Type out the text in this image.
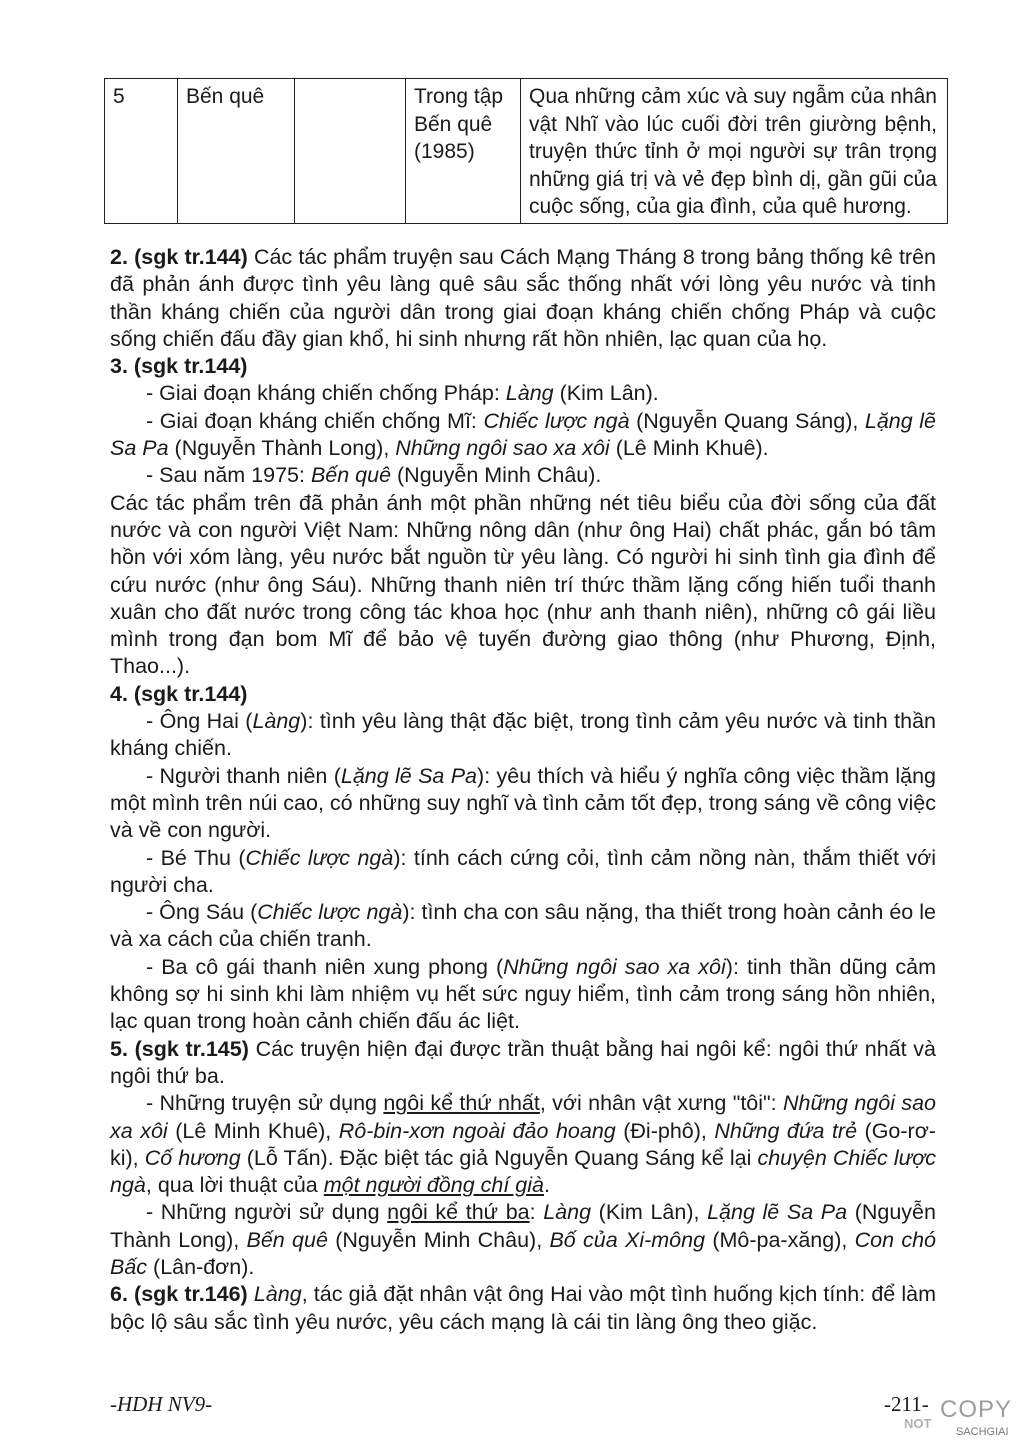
5	Bến quê		Trong tập Bến quê (1985)	Qua những cảm xúc và suy ngẫm của nhân vật Nhĩ vào lúc cuối đời trên giường bệnh, truyện thức tỉnh ở mọi người sự trân trọng những giá trị và vẻ đẹp bình dị, gần gũi của cuộc sống, của gia đình, của quê hương.

2. (sgk tr.144) Các tác phẩm truyện sau Cách Mạng Tháng 8 trong bảng thống kê trên đã phản ánh được tình yêu làng quê sâu sắc thống nhất với lòng yêu nước và tinh thần kháng chiến của người dân trong giai đoạn kháng chiến chống Pháp và cuộc sống chiến đấu đầy gian khổ, hi sinh nhưng rất hồn nhiên, lạc quan của họ.

3. (sgk tr.144)

- Giai đoạn kháng chiến chống Pháp: Làng (Kim Lân).

- Giai đoạn kháng chiến chống Mĩ: Chiếc lược ngà (Nguyễn Quang Sáng), Lặng lẽ Sa Pa (Nguyễn Thành Long), Những ngôi sao xa xôi (Lê Minh Khuê).

- Sau năm 1975: Bến quê (Nguyễn Minh Châu).

Các tác phẩm trên đã phản ánh một phần những nét tiêu biểu của đời sống của đất nước và con người Việt Nam: Những nông dân (như ông Hai) chất phác, gắn bó tâm hồn với xóm làng, yêu nước bắt nguồn từ yêu làng. Có người hi sinh tình gia đình để cứu nước (như ông Sáu). Những thanh niên trí thức thầm lặng cống hiến tuổi thanh xuân cho đất nước trong công tác khoa học (như anh thanh niên), những cô gái liều mình trong đạn bom Mĩ để bảo vệ tuyến đường giao thông (như Phương, Định, Thao...).

4. (sgk tr.144)

- Ông Hai (Làng): tình yêu làng thật đặc biệt, trong tình cảm yêu nước và tinh thần kháng chiến.

- Người thanh niên (Lặng lẽ Sa Pa): yêu thích và hiểu ý nghĩa công việc thầm lặng một mình trên núi cao, có những suy nghĩ và tình cảm tốt đẹp, trong sáng về công việc và về con người.

- Bé Thu (Chiếc lược ngà): tính cách cứng cỏi, tình cảm nồng nàn, thắm thiết với người cha.

- Ông Sáu (Chiếc lược ngà): tình cha con sâu nặng, tha thiết trong hoàn cảnh éo le và xa cách của chiến tranh.

- Ba cô gái thanh niên xung phong (Những ngôi sao xa xôi): tinh thần dũng cảm không sợ hi sinh khi làm nhiệm vụ hết sức nguy hiểm, tình cảm trong sáng hồn nhiên, lạc quan trong hoàn cảnh chiến đấu ác liệt.

5. (sgk tr.145) Các truyện hiện đại được trần thuật bằng hai ngôi kể: ngôi thứ nhất và ngôi thứ ba.

- Những truyện sử dụng ngôi kể thứ nhất, với nhân vật xưng "tôi": Những ngôi sao xa xôi (Lê Minh Khuê), Rô-bin-xơn ngoài đảo hoang (Đi-phô), Những đứa trẻ (Go-rơ-ki), Cố hương (Lỗ Tấn). Đặc biệt tác giả Nguyễn Quang Sáng kể lại chuyện Chiếc lược ngà, qua lời thuật của một người đồng chí già.

- Những người sử dụng ngôi kể thứ ba: Làng (Kim Lân), Lặng lẽ Sa Pa (Nguyễn Thành Long), Bến quê (Nguyễn Minh Châu), Bố của Xi-mông (Mô-pa-xăng), Con chó Bấc (Lân-đơn).

6. (sgk tr.146) Làng, tác giả đặt nhân vật ông Hai vào một tình huống kịch tính: để làm bộc lộ sâu sắc tình yêu nước, yêu cách mạng là cái tin làng ông theo giặc.

-HDH NV9-	-211- COPY
NOT
SACHGIAI
